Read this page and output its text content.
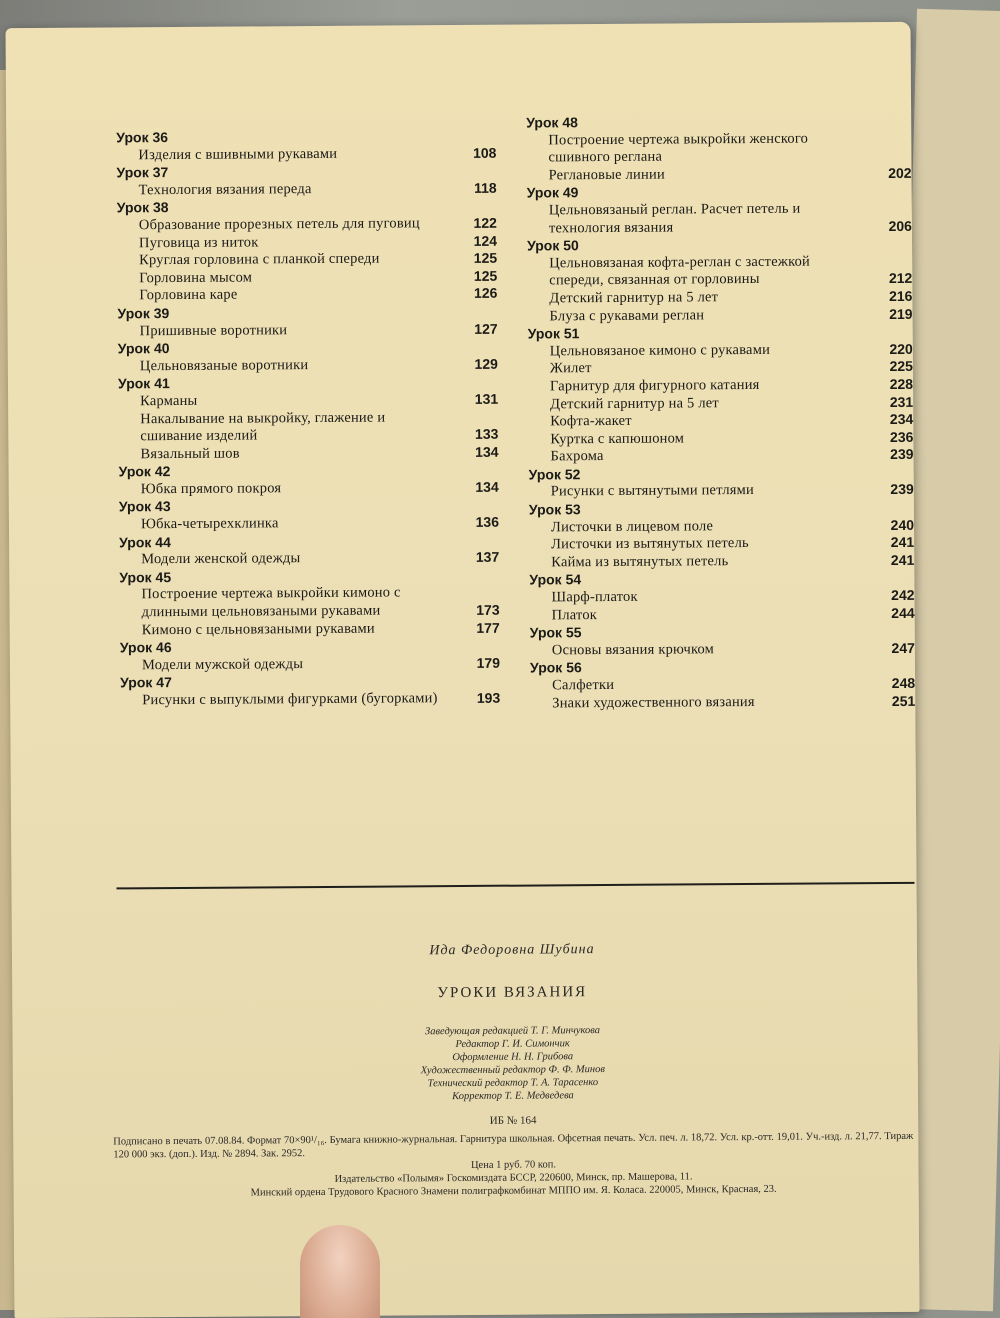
Урок 36
Изделия с вшивными рукавами	108
Урок 37
Технология вязания переда	118
Урок 38
Образование прорезных петель для пуговиц	122
Пуговица из ниток	124
Круглая горловина с планкой спереди	125
Горловина мысом	125
Горловина каре	126
Урок 39
Пришивные воротники	127
Урок 40
Цельновязаные воротники	129
Урок 41
Карманы	131
Накалывание на выкройку, глажение и сшивание изделий	133
Вязальный шов	134
Урок 42
Юбка прямого покроя	134
Урок 43
Юбка-четырехклинка	136
Урок 44
Модели женской одежды	137
Урок 45
Построение чертежа выкройки кимоно с длинными цельновязаными рукавами	173
Кимоно с цельновязаными рукавами	177
Урок 46
Модели мужской одежды	179
Урок 47
Рисунки с выпуклыми фигурками (бугорками)	193
Урок 48
Построение чертежа выкройки женского сшивного реглана
Реглановые линии	202
Урок 49
Цельновязаный реглан. Расчет петель и технология вязания	206
Урок 50
Цельновязаная кофта-реглан с застежкой спереди, связанная от горловины	212
Детский гарнитур на 5 лет	216
Блуза с рукавами реглан	219
Урок 51
Цельновязаное кимоно с рукавами	220
Жилет	225
Гарнитур для фигурного катания	228
Детский гарнитур на 5 лет	231
Кофта-жакет	234
Куртка с капюшоном	236
Бахрома	239
Урок 52
Рисунки с вытянутыми петлями	239
Урок 53
Листочки в лицевом поле	240
Листочки из вытянутых петель	241
Кайма из вытянутых петель	241
Урок 54
Шарф-платок	242
Платок	244
Урок 55
Основы вязания крючком	247
Урок 56
Салфетки	248
Знаки художественного вязания	251
Ида Федоровна Шубина
УРОКИ ВЯЗАНИЯ
Заведующая редакцией Т. Г. Минчукова
Редактор Г. И. Симончик
Оформление Н. Н. Грибова
Художественный редактор Ф. Ф. Минов
Технический редактор Т. А. Тарасенко
Корректор Т. Е. Медведева
ИБ № 164
Подписано в печать 07.08.84. Формат 70×90¹/₁₆. Бумага книжно-журнальная. Гарнитура школьная. Офсетная печать. Усл. печ. л. 18,72. Усл. кр.-отт. 19,01. Уч.-изд. л. 21,77. Тираж 120 000 экз. (доп.). Изд. № 2894. Зак. 2952.
Цена 1 руб. 70 коп.
Издательство «Полымя» Госкомиздата БССР, 220600, Минск, пр. Машерова, 11.
Минский ордена Трудового Красного Знамени полиграфкомбинат МППО им. Я. Коласа. 220005, Минск, Красная, 23.
